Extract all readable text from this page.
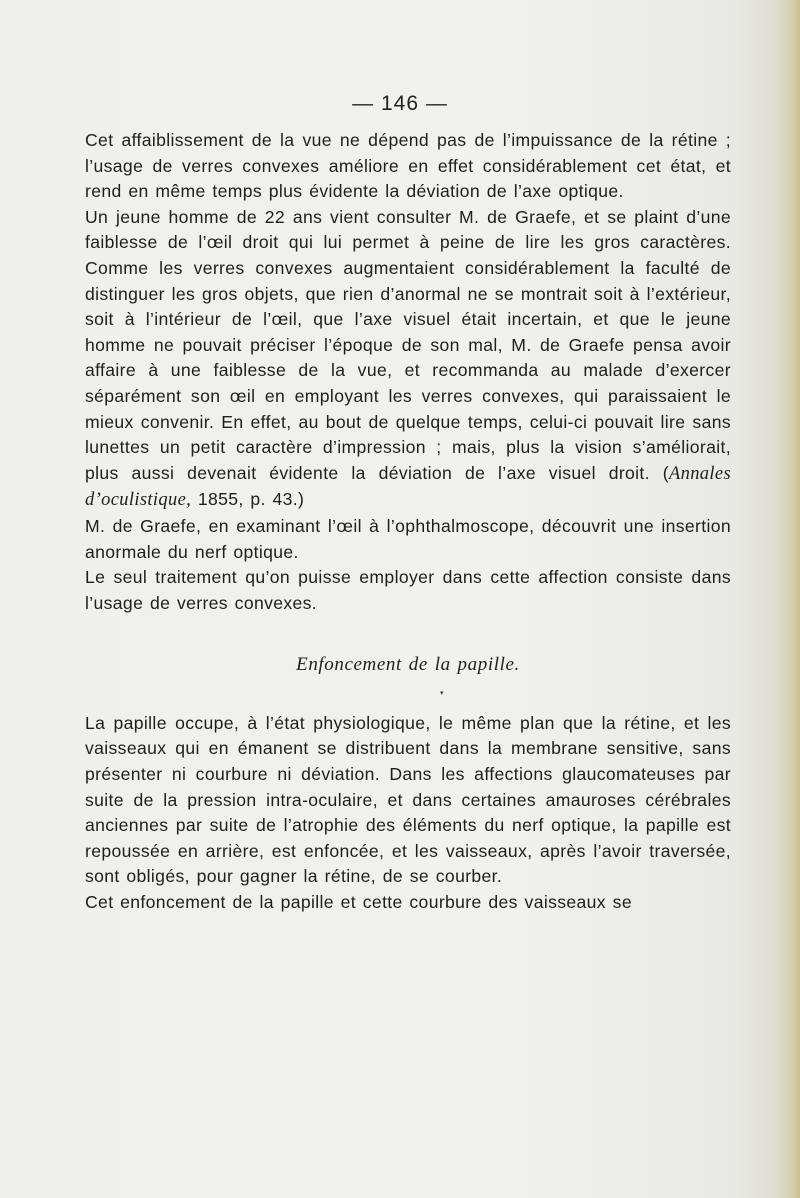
— 146 —

Cet affaiblissement de la vue ne dépend pas de l’impuissance de la rétine ; l’usage de verres convexes améliore en effet considérablement cet état, et rend en même temps plus évidente la déviation de l’axe optique.

Un jeune homme de 22 ans vient consulter M. de Graefe, et se plaint d’une faiblesse de l’œil droit qui lui permet à peine de lire les gros caractères. Comme les verres convexes augmentaient considérablement la faculté de distinguer les gros objets, que rien d’anormal ne se montrait soit à l’extérieur, soit à l’intérieur de l’œil, que l’axe visuel était incertain, et que le jeune homme ne pouvait préciser l’époque de son mal, M. de Graefe pensa avoir affaire à une faiblesse de la vue, et recommanda au malade d’exercer séparément son œil en employant les verres convexes, qui paraissaient le mieux convenir. En effet, au bout de quelque temps, celui-ci pouvait lire sans lunettes un petit caractère d’impression ; mais, plus la vision s’améliorait, plus aussi devenait évidente la déviation de l’axe visuel droit. (Annales d’oculistique, 1855, p. 43.)

M. de Graefe, en examinant l’œil à l’ophthalmoscope, découvrit une insertion anormale du nerf optique.

Le seul traitement qu’on puisse employer dans cette affection consiste dans l’usage de verres convexes.

Enfoncement de la papille.

La papille occupe, à l’état physiologique, le même plan que la rétine, et les vaisseaux qui en émanent se distribuent dans la membrane sensitive, sans présenter ni courbure ni déviation. Dans les affections glaucomateuses par suite de la pression intra-oculaire, et dans certaines amauroses cérébrales anciennes par suite de l’atrophie des éléments du nerf optique, la papille est repoussée en arrière, est enfoncée, et les vaisseaux, après l’avoir traversée, sont obligés, pour gagner la rétine, de se courber.

Cet enfoncement de la papille et cette courbure des vaisseaux se

▾
